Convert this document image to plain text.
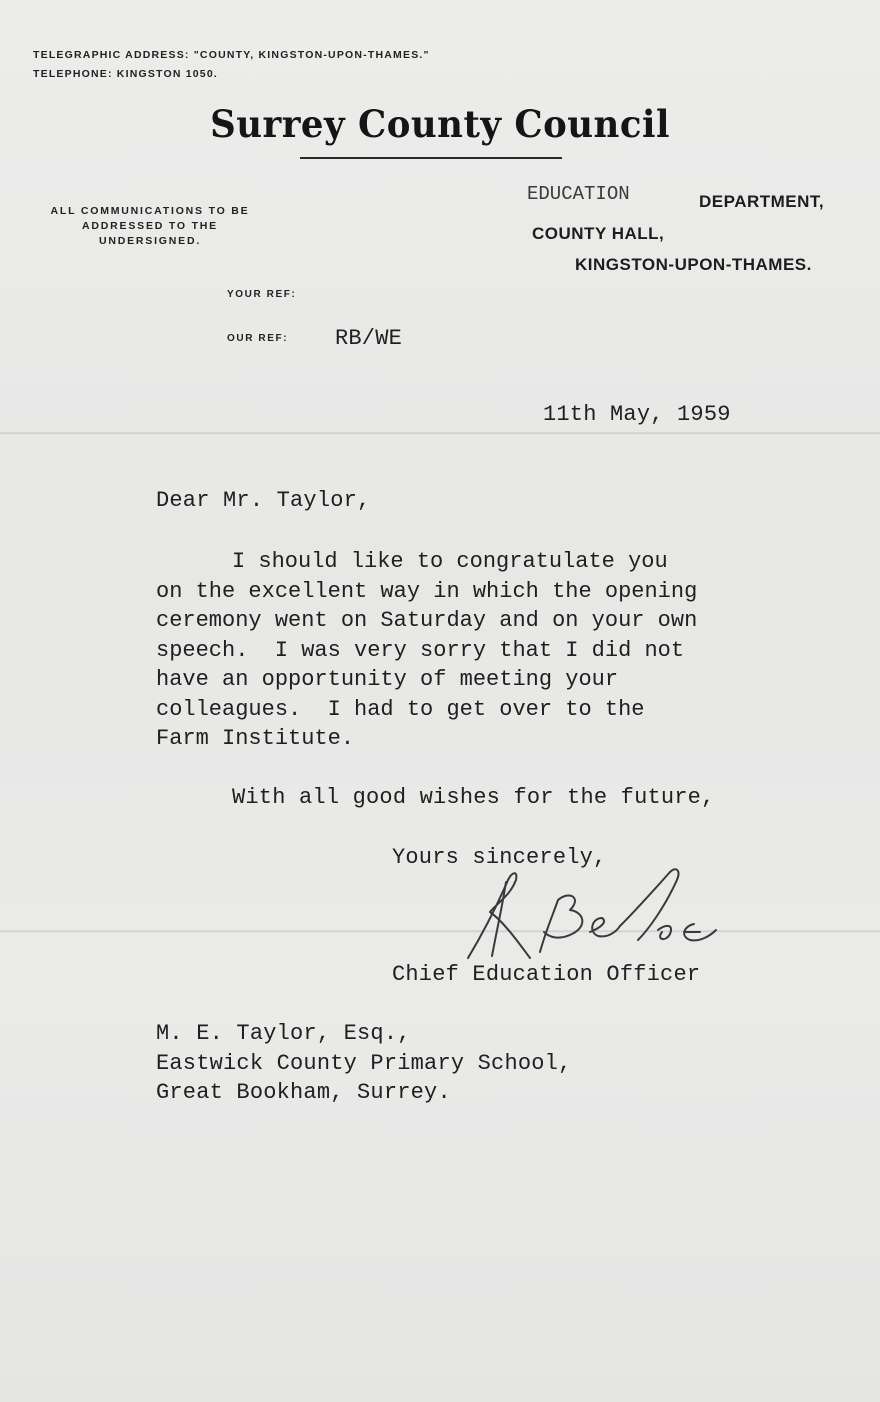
TELEGRAPHIC ADDRESS: "COUNTY, KINGSTON-UPON-THAMES."
TELEPHONE: KINGSTON 1050.
Surrey County Council
ALL COMMUNICATIONS TO BE
ADDRESSED TO THE
UNDERSIGNED.
EDUCATION	DEPARTMENT,
COUNTY HALL,
KINGSTON-UPON-THAMES.
YOUR REF:
OUR REF: RB/WE
11th May, 1959
Dear Mr. Taylor,
I should like to congratulate you
on the excellent way in which the opening
ceremony went on Saturday and on your own
speech.  I was very sorry that I did not
have an opportunity of meeting your
colleagues.  I had to get over to the
Farm Institute.
With all good wishes for the future,
Yours sincerely,
Chief Education Officer
M. E. Taylor, Esq.,
Eastwick County Primary School,
Great Bookham, Surrey.
